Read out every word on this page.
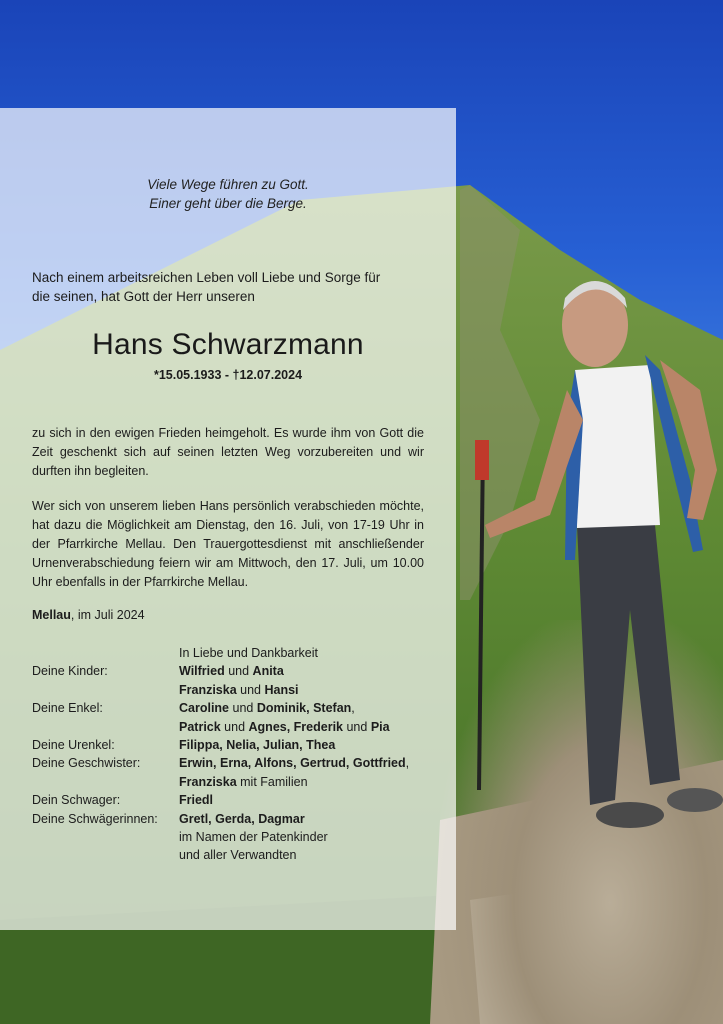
Viele Wege führen zu Gott.
Einer geht über die Berge.
Nach einem arbeitsreichen Leben voll Liebe und Sorge für
die seinen, hat Gott der Herr unseren
Hans Schwarzmann
*15.05.1933 - †12.07.2024
zu sich in den ewigen Frieden heimgeholt. Es wurde ihm von Gott die Zeit geschenkt sich auf seinen letzten Weg vorzubereiten und wir durften ihn begleiten.
Wer sich von unserem lieben Hans persönlich verabschieden möchte, hat dazu die Möglichkeit am Dienstag, den 16. Juli, von 17-19 Uhr in der Pfarrkirche Mellau. Den Trauergottesdienst mit anschließender Urnenverabschiedung feiern wir am Mittwoch, den 17. Juli, um 10.00 Uhr ebenfalls in der Pfarrkirche Mellau.
Mellau, im Juli 2024
In Liebe und Dankbarkeit
Deine Kinder:	Wilfried und Anita
Franziska und Hansi
Deine Enkel:	Caroline und Dominik, Stefan,
Patrick und Agnes, Frederik und Pia
Deine Urenkel:	Filippa, Nelia, Julian, Thea
Deine Geschwister:	Erwin, Erna, Alfons, Gertrud, Gottfried,
Franziska mit Familien
Dein Schwager:	Friedl
Deine Schwägerinnen:	Gretl, Gerda, Dagmar
im Namen der Patenkinder
und aller Verwandten
